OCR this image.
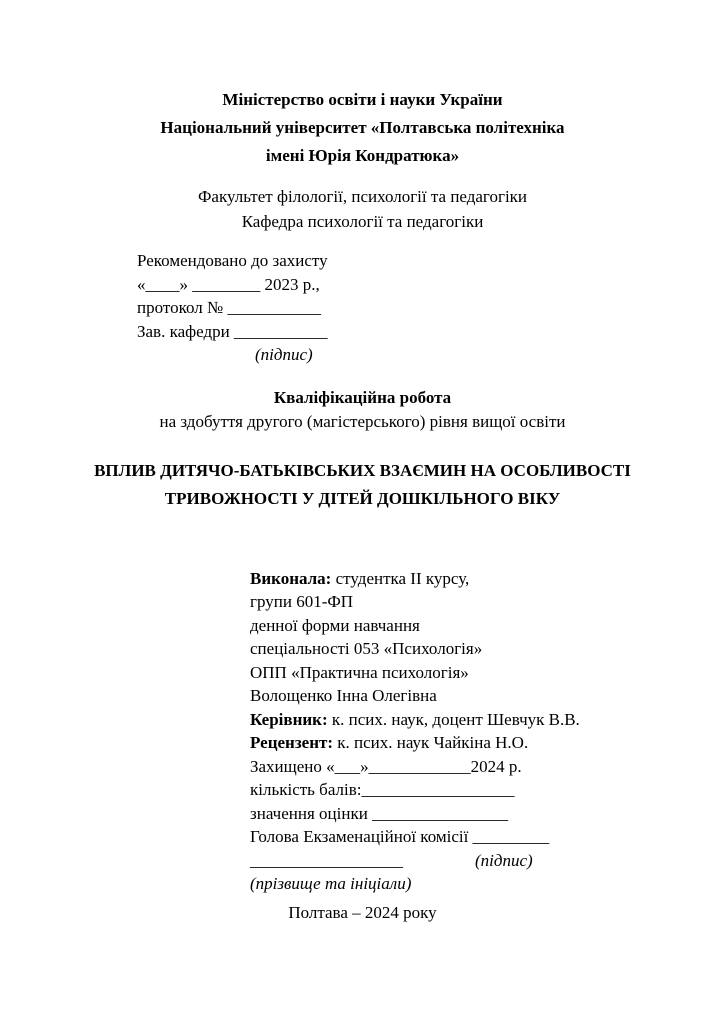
Міністерство освіти і науки України
Національний університет «Полтавська політехніка
імені Юрія Кондратюка»
Факультет філології, психології та педагогіки
Кафедра психології та педагогіки
Рекомендовано до захисту
«____» ________ 2023 р.,
протокол № ___________
Зав. кафедри ___________
(підпис)
Кваліфікаційна робота
на здобуття другого (магістерського) рівня вищої освіти
ВПЛИВ ДИТЯЧО-БАТЬКІВСЬКИХ ВЗАЄМИН НА ОСОБЛИВОСТІ
ТРИВОЖНОСТІ У ДІТЕЙ ДОШКІЛЬНОГО ВІКУ
Виконала: студентка ІІ курсу,
групи 601-ФП
денної форми навчання
спеціальності 053 «Психологія»
ОПП «Практична психологія»
Волощенко Інна Олегівна
Керівник: к. псих. наук, доцент Шевчук В.В.
Рецензент: к. псих. наук Чайкіна Н.О.
Захищено «___»____________2024 р.
кількість балів:__________________
значення оцінки ________________
Голова Екзаменаційної комісії _________
__________________	(підпис)
(прізвище та ініціали)
Полтава – 2024 року
